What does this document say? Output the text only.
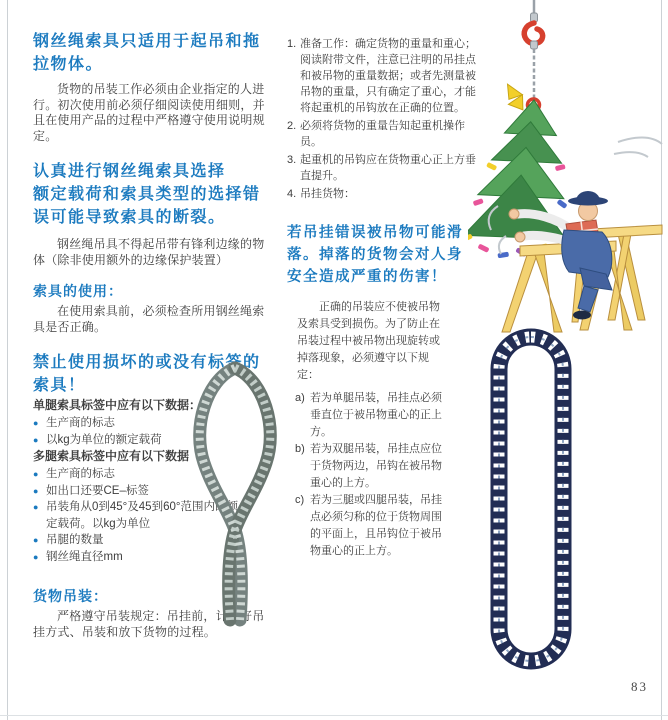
钢丝绳索具只适用于起吊和拖拉物体。

货物的吊装工作必须由企业指定的人进行。初次使用前必须仔细阅读使用细则，并且在使用产品的过程中严格遵守使用说明规定。

认真进行钢丝绳索具选择
额定载荷和索具类型的选择错误可能导致索具的断裂。

钢丝绳吊具不得起吊带有锋利边缘的物体（除非使用额外的边缘保护装置）

索具的使用：

在使用索具前，必须检查所用钢丝绳索具是否正确。

禁止使用损坏的或没有标签的索具！

单腿索具标签中应有以下数据：

● 生产商的标志
● 以kg为单位的额定载荷

多腿索具标签中应有以下数据

● 生产商的标志
● 如出口还要CE–标签
● 吊装角从0到45°及45到60°范围内的额定载荷。以kg为单位
● 吊腿的数量
● 钢丝绳直径mm
货物吊装：

严格遵守吊装规定：吊挂前，计划好吊挂方式、吊装和放下货物的过程。

1. 准备工作：确定货物的重量和重心；阅读附带文件，注意已注明的吊挂点和被吊物的重量数据；或者先测量被吊物的重量，只有确定了重心，才能将起重机的吊钩放在正确的位置。
2. 必须将货物的重量告知起重机操作员。
3. 起重机的吊钩应在货物重心正上方垂直提升。
4. 吊挂货物：
若吊挂错误被吊物可能滑落。掉落的货物会对人身安全造成严重的伤害！

正确的吊装应不使被吊物及索具受到损伤。为了防止在吊装过程中被吊物出现旋转或掉落现象，必须遵守以下规定：

a) 若为单腿吊装，吊挂点必须垂直位于被吊物重心的正上方。
b) 若为双腿吊装，吊挂点应位于货物两边，吊钩在被吊物重心的上方。
c) 若为三腿或四腿吊装，吊挂点必须匀称的位于货物周围的平面上，且吊钩位于被吊物重心的正上方。
83
